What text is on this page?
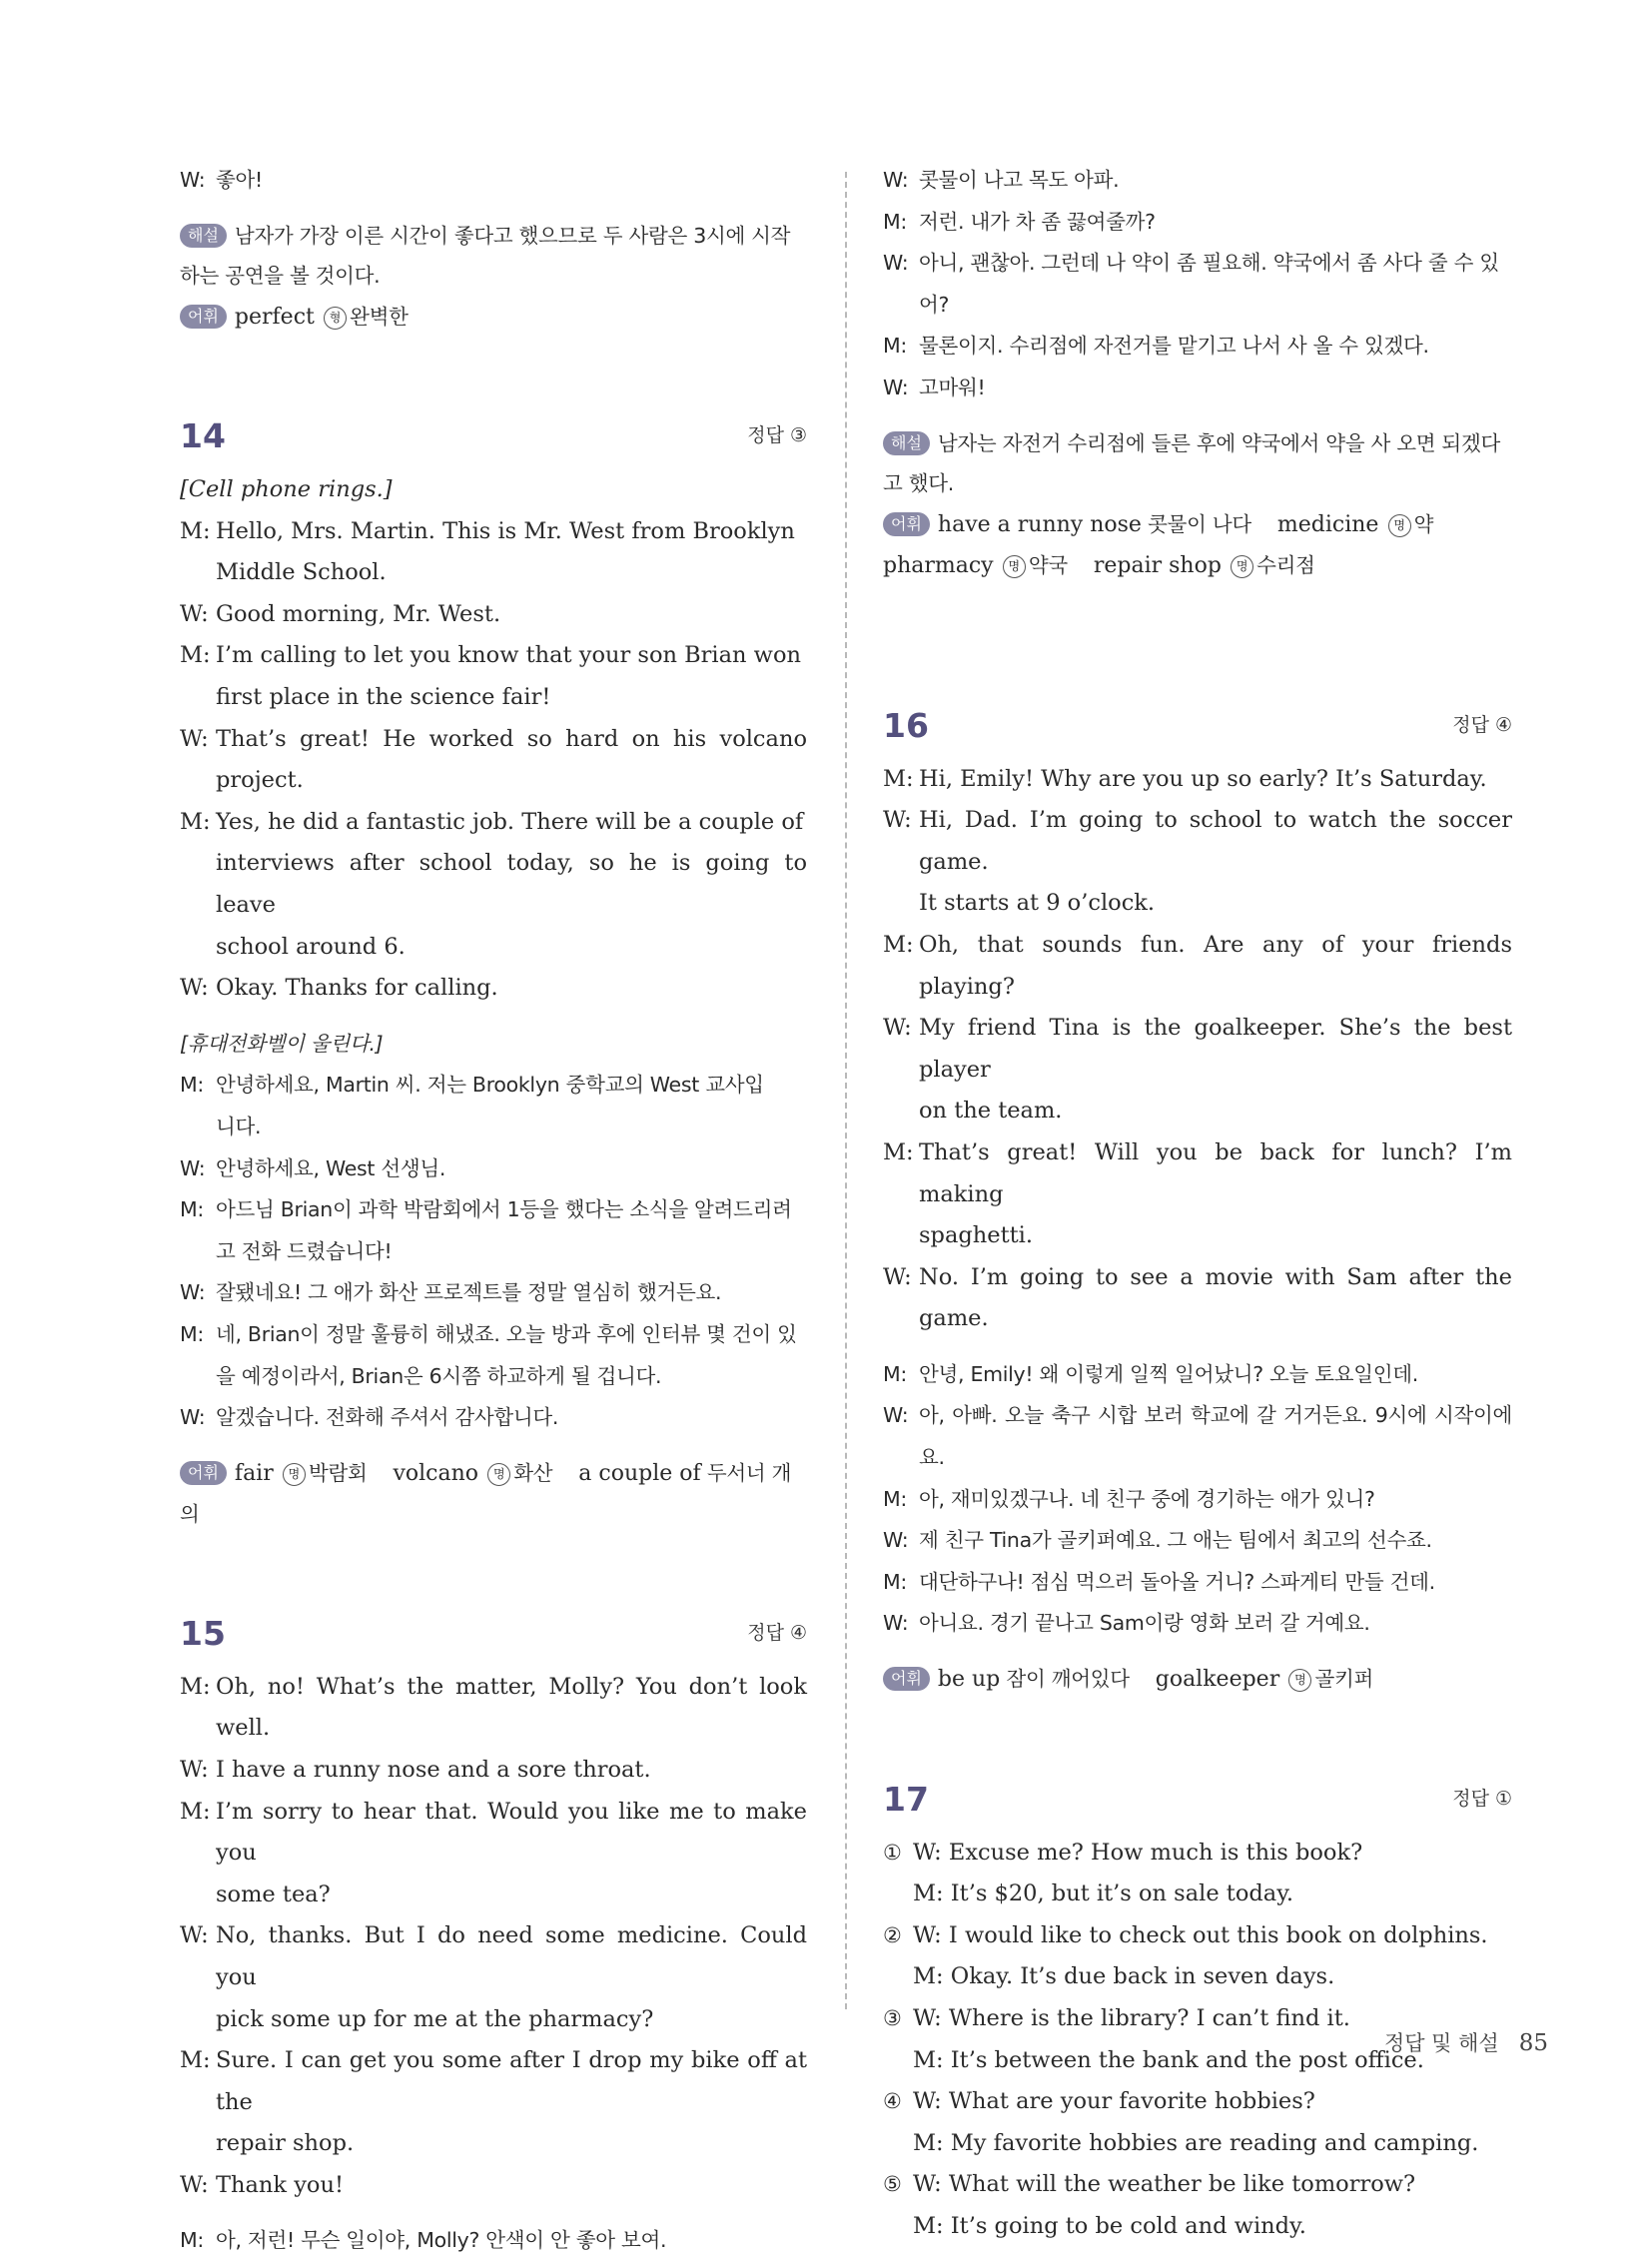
W: 좋아!
해설 남자가 가장 이른 시간이 좋다고 했으므로 두 사람은 3시에 시작하는 공연을 볼 것이다.
어휘 perfect 형 완벽한
14	정답 ③
[Cell phone rings.]
M: Hello, Mrs. Martin. This is Mr. West from Brooklyn
Middle School.
W: Good morning, Mr. West.
M: I’m calling to let you know that your son Brian won
first place in the science fair!
W: That’s great! He worked so hard on his volcano project.
M: Yes, he did a fantastic job. There will be a couple of
interviews after school today, so he is going to leave
school around 6.
W: Okay. Thanks for calling.
[휴대전화벨이 울린다.]
M: 안녕하세요, Martin 씨. 저는 Brooklyn 중학교의 West 교사입
니다.
W: 안녕하세요, West 선생님.
M: 아드님 Brian이 과학 박람회에서 1등을 했다는 소식을 알려드리려
고 전화 드렸습니다!
W: 잘됐네요! 그 애가 화산 프로젝트를 정말 열심히 했거든요.
M: 네, Brian이 정말 훌륭히 해냈죠. 오늘 방과 후에 인터뷰 몇 건이 있
을 예정이라서, Brian은 6시쯤 하교하게 될 겁니다.
W: 알겠습니다. 전화해 주셔서 감사합니다.
어휘 fair 명 박람회 volcano 명 화산 a couple of 두서너 개의
15	정답 ④
M: Oh, no! What’s the matter, Molly? You don’t look well.
W: I have a runny nose and a sore throat.
M: I’m sorry to hear that. Would you like me to make you
some tea?
W: No, thanks. But I do need some medicine. Could you
pick some up for me at the pharmacy?
M: Sure. I can get you some after I drop my bike off at the
repair shop.
W: Thank you!
M: 아, 저런! 무슨 일이야, Molly? 안색이 안 좋아 보여.
W: 콧물이 나고 목도 아파.
M: 저런. 내가 차 좀 끓여줄까?
W: 아니, 괜찮아. 그런데 나 약이 좀 필요해. 약국에서 좀 사다 줄 수 있
어?
M: 물론이지. 수리점에 자전거를 맡기고 나서 사 올 수 있겠다.
W: 고마워!
해설 남자는 자전거 수리점에 들른 후에 약국에서 약을 사 오면 되겠다고 했다.
어휘 have a runny nose 콧물이 나다 medicine 명 약
pharmacy 명 약국 repair shop 명 수리점
16	정답 ④
M: Hi, Emily! Why are you up so early? It’s Saturday.
W: Hi, Dad. I’m going to school to watch the soccer game.
It starts at 9 o’clock.
M: Oh, that sounds fun. Are any of your friends playing?
W: My friend Tina is the goalkeeper. She’s the best player
on the team.
M: That’s great! Will you be back for lunch? I’m making
spaghetti.
W: No. I’m going to see a movie with Sam after the game.
M: 안녕, Emily! 왜 이렇게 일찍 일어났니? 오늘 토요일인데.
W: 아, 아빠. 오늘 축구 시합 보러 학교에 갈 거거든요. 9시에 시작이에요.
M: 아, 재미있겠구나. 네 친구 중에 경기하는 애가 있니?
W: 제 친구 Tina가 골키퍼예요. 그 애는 팀에서 최고의 선수죠.
M: 대단하구나! 점심 먹으러 돌아올 거니? 스파게티 만들 건데.
W: 아니요. 경기 끝나고 Sam이랑 영화 보러 갈 거예요.
어휘 be up 잠이 깨어있다 goalkeeper 명 골키퍼
17	정답 ①
① W: Excuse me? How much is this book?
M: It’s $20, but it’s on sale today.
② W: I would like to check out this book on dolphins.
M: Okay. It’s due back in seven days.
③ W: Where is the library? I can’t find it.
M: It’s between the bank and the post office.
④ W: What are your favorite hobbies?
M: My favorite hobbies are reading and camping.
⑤ W: What will the weather be like tomorrow?
M: It’s going to be cold and windy.
정답 및 해설 85
